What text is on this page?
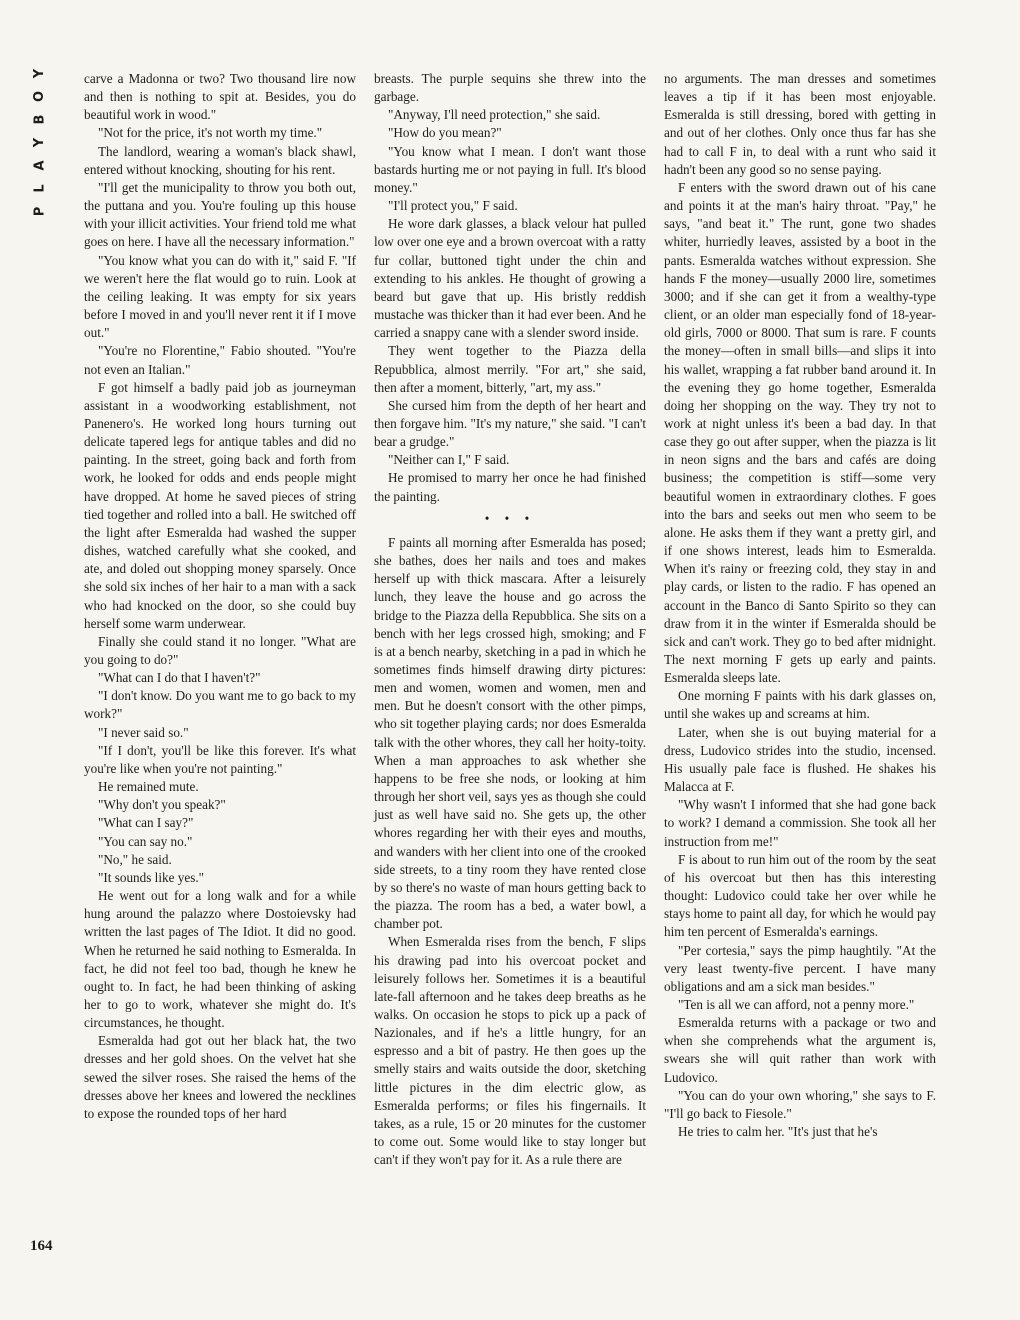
Y
O
B
Y
A
L
P
164

carve a Madonna or two? Two thousand lire now and then is nothing to spit at. Besides, you do beautiful work in wood."

"Not for the price, it's not worth my time."

The landlord, wearing a woman's black shawl, entered without knocking, shouting for his rent.

"I'll get the municipality to throw you both out, the puttana and you. You're fouling up this house with your illicit activities. Your friend told me what goes on here. I have all the necessary information."

"You know what you can do with it," said F. "If we weren't here the flat would go to ruin. Look at the ceiling leaking. It was empty for six years before I moved in and you'll never rent it if I move out."

"You're no Florentine," Fabio shouted. "You're not even an Italian."

F got himself a badly paid job as journeyman assistant in a woodworking establishment, not Panenero's. He worked long hours turning out delicate tapered legs for antique tables and did no painting. In the street, going back and forth from work, he looked for odds and ends people might have dropped. At home he saved pieces of string tied together and rolled into a ball. He switched off the light after Esmeralda had washed the supper dishes, watched carefully what she cooked, and ate, and doled out shopping money sparsely. Once she sold six inches of her hair to a man with a sack who had knocked on the door, so she could buy herself some warm underwear.

Finally she could stand it no longer. "What are you going to do?"

"What can I do that I haven't?"

"I don't know. Do you want me to go back to my work?"

"I never said so."

"If I don't, you'll be like this forever. It's what you're like when you're not painting."

He remained mute.

"Why don't you speak?"

"What can I say?"

"You can say no."

"No," he said.

"It sounds like yes."

He went out for a long walk and for a while hung around the palazzo where Dostoievsky had written the last pages of The Idiot. It did no good. When he returned he said nothing to Esmeralda. In fact, he did not feel too bad, though he knew he ought to. In fact, he had been thinking of asking her to go to work, whatever she might do. It's circumstances, he thought.

Esmeralda had got out her black hat, the two dresses and her gold shoes. On the velvet hat she sewed the silver roses. She raised the hems of the dresses above her knees and lowered the necklines to expose the rounded tops of her hard

breasts. The purple sequins she threw into the garbage.

"Anyway, I'll need protection," she said.

"How do you mean?"

"You know what I mean. I don't want those bastards hurting me or not paying in full. It's blood money."

"I'll protect you," F said.

He wore dark glasses, a black velour hat pulled low over one eye and a brown overcoat with a ratty fur collar, buttoned tight under the chin and extending to his ankles. He thought of growing a beard but gave that up. His bristly reddish mustache was thicker than it had ever been. And he carried a snappy cane with a slender sword inside.

They went together to the Piazza della Repubblica, almost merrily. "For art," she said, then after a moment, bitterly, "art, my ass."

She cursed him from the depth of her heart and then forgave him. "It's my nature," she said. "I can't bear a grudge."

"Neither can I," F said.

He promised to marry her once he had finished the painting.

• • •

F paints all morning after Esmeralda has posed; she bathes, does her nails and toes and makes herself up with thick mascara. After a leisurely lunch, they leave the house and go across the bridge to the Piazza della Repubblica. She sits on a bench with her legs crossed high, smoking; and F is at a bench nearby, sketching in a pad in which he sometimes finds himself drawing dirty pictures: men and women, women and women, men and men. But he doesn't consort with the other pimps, who sit together playing cards; nor does Esmeralda talk with the other whores, they call her hoity-toity. When a man approaches to ask whether she happens to be free she nods, or looking at him through her short veil, says yes as though she could just as well have said no. She gets up, the other whores regarding her with their eyes and mouths, and wanders with her client into one of the crooked side streets, to a tiny room they have rented close by so there's no waste of man hours getting back to the piazza. The room has a bed, a water bowl, a chamber pot.

When Esmeralda rises from the bench, F slips his drawing pad into his overcoat pocket and leisurely follows her. Sometimes it is a beautiful late-fall afternoon and he takes deep breaths as he walks. On occasion he stops to pick up a pack of Nazionales, and if he's a little hungry, for an espresso and a bit of pastry. He then goes up the smelly stairs and waits outside the door, sketching little pictures in the dim electric glow, as Esmeralda performs; or files his fingernails. It takes, as a rule, 15 or 20 minutes for the customer to come out. Some would like to stay longer but can't if they won't pay for it. As a rule there are

no arguments. The man dresses and sometimes leaves a tip if it has been most enjoyable. Esmeralda is still dressing, bored with getting in and out of her clothes. Only once thus far has she had to call F in, to deal with a runt who said it hadn't been any good so no sense paying.

F enters with the sword drawn out of his cane and points it at the man's hairy throat. "Pay," he says, "and beat it." The runt, gone two shades whiter, hurriedly leaves, assisted by a boot in the pants. Esmeralda watches without expression. She hands F the money—usually 2000 lire, sometimes 3000; and if she can get it from a wealthy-type client, or an older man especially fond of 18-year-old girls, 7000 or 8000. That sum is rare. F counts the money—often in small bills—and slips it into his wallet, wrapping a fat rubber band around it. In the evening they go home together, Esmeralda doing her shopping on the way. They try not to work at night unless it's been a bad day. In that case they go out after supper, when the piazza is lit in neon signs and the bars and cafés are doing business; the competition is stiff—some very beautiful women in extraordinary clothes. F goes into the bars and seeks out men who seem to be alone. He asks them if they want a pretty girl, and if one shows interest, leads him to Esmeralda. When it's rainy or freezing cold, they stay in and play cards, or listen to the radio. F has opened an account in the Banco di Santo Spirito so they can draw from it in the winter if Esmeralda should be sick and can't work. They go to bed after midnight. The next morning F gets up early and paints. Esmeralda sleeps late.

One morning F paints with his dark glasses on, until she wakes up and screams at him.

Later, when she is out buying material for a dress, Ludovico strides into the studio, incensed. His usually pale face is flushed. He shakes his Malacca at F.

"Why wasn't I informed that she had gone back to work? I demand a commission. She took all her instruction from me!"

F is about to run him out of the room by the seat of his overcoat but then has this interesting thought: Ludovico could take her over while he stays home to paint all day, for which he would pay him ten percent of Esmeralda's earnings.

"Per cortesia," says the pimp haughtily. "At the very least twenty-five percent. I have many obligations and am a sick man besides."

"Ten is all we can afford, not a penny more."

Esmeralda returns with a package or two and when she comprehends what the argument is, swears she will quit rather than work with Ludovico.

"You can do your own whoring," she says to F. "I'll go back to Fiesole."

He tries to calm her. "It's just that he's
